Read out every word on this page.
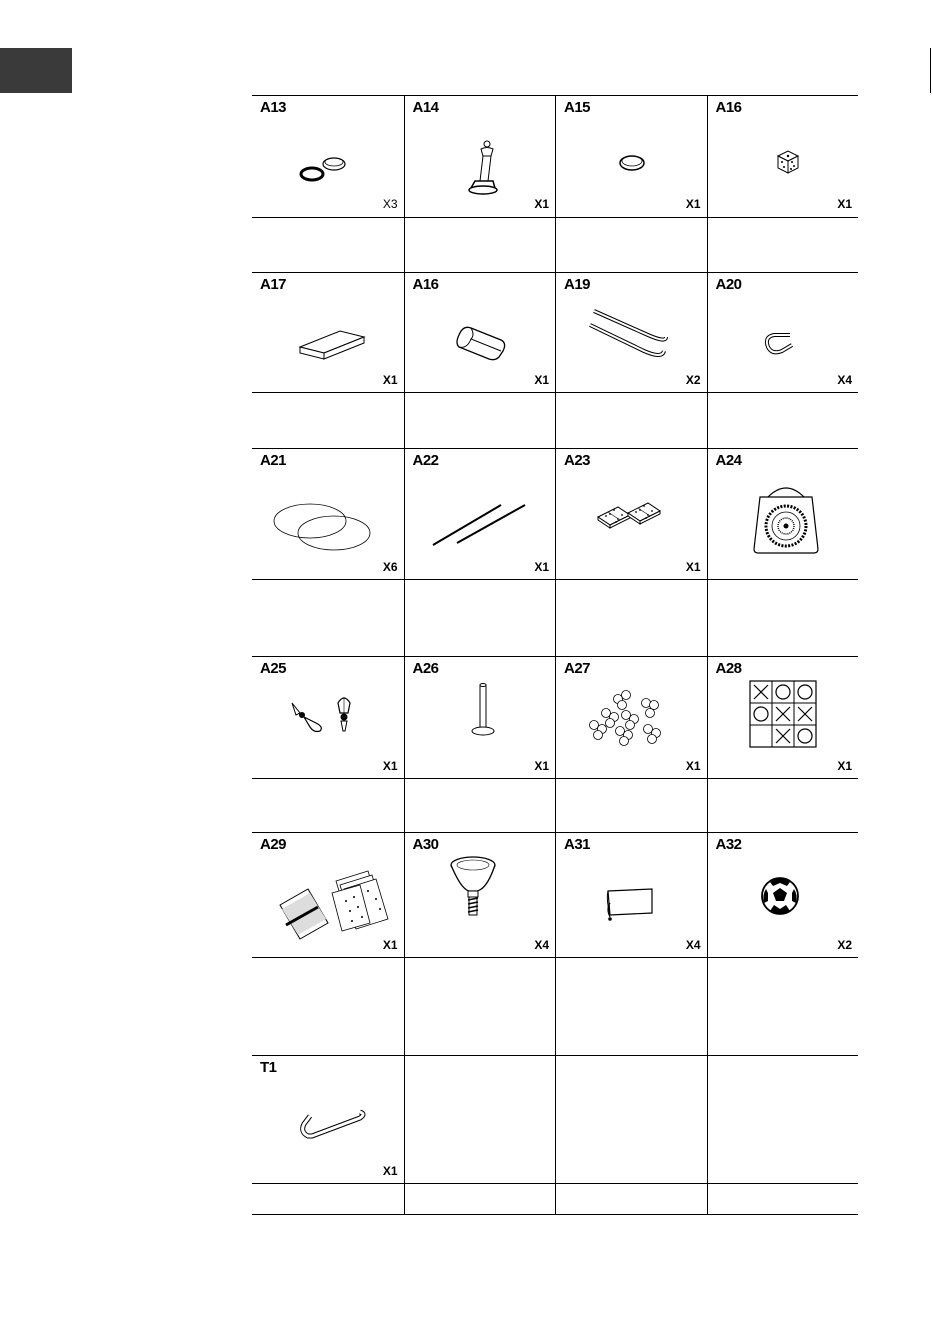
A13
X3
A14
X1
A15
X1
A16
X1
A17
X1
A16
X1
A19
X2
A20
X4
A21
X6
A22
X1
A23
X1
A24
A25
X1
A26
X1
A27
X1
A28
X1
A29
X1
A30
X4
A31
X4
A32
X2
T1
X1
